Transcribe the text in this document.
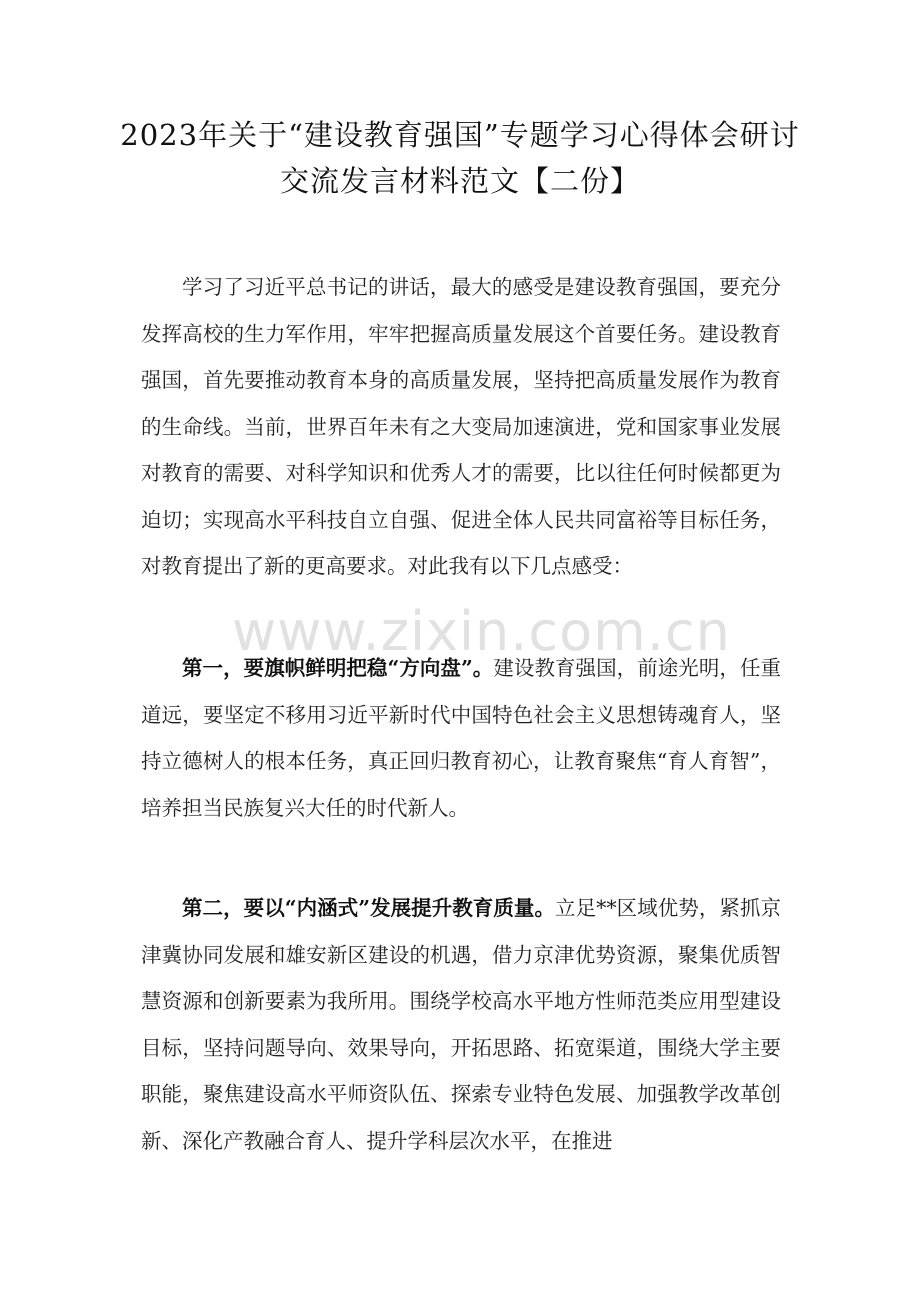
2023年关于“建设教育强国”专题学习心得体会研讨
交流发言材料范文【二份】

学习了习近平总书记的讲话，最大的感受是建设教育强国，要充分发挥高校的生力军作用，牢牢把握高质量发展这个首要任务。建设教育强国，首先要推动教育本身的高质量发展，坚持把高质量发展作为教育的生命线。当前，世界百年未有之大变局加速演进，党和国家事业发展对教育的需要、对科学知识和优秀人才的需要，比以往任何时候都更为迫切；实现高水平科技自立自强、促进全体人民共同富裕等目标任务，对教育提出了新的更高要求。对此我有以下几点感受：

第一，要旗帜鲜明把稳“方向盘”。建设教育强国，前途光明，任重道远，要坚定不移用习近平新时代中国特色社会主义思想铸魂育人，坚持立德树人的根本任务，真正回归教育初心，让教育聚焦“育人育智”，培养担当民族复兴大任的时代新人。

第二，要以“内涵式”发展提升教育质量。立足**区域优势，紧抓京津冀协同发展和雄安新区建设的机遇，借力京津优势资源，聚集优质智慧资源和创新要素为我所用。围绕学校高水平地方性师范类应用型建设目标，坚持问题导向、效果导向，开拓思路、拓宽渠道，围绕大学主要职能，聚焦建设高水平师资队伍、探索专业特色发展、加强教学改革创新、深化产教融合育人、提升学科层次水平，在推进

www.zixin.com.cn
